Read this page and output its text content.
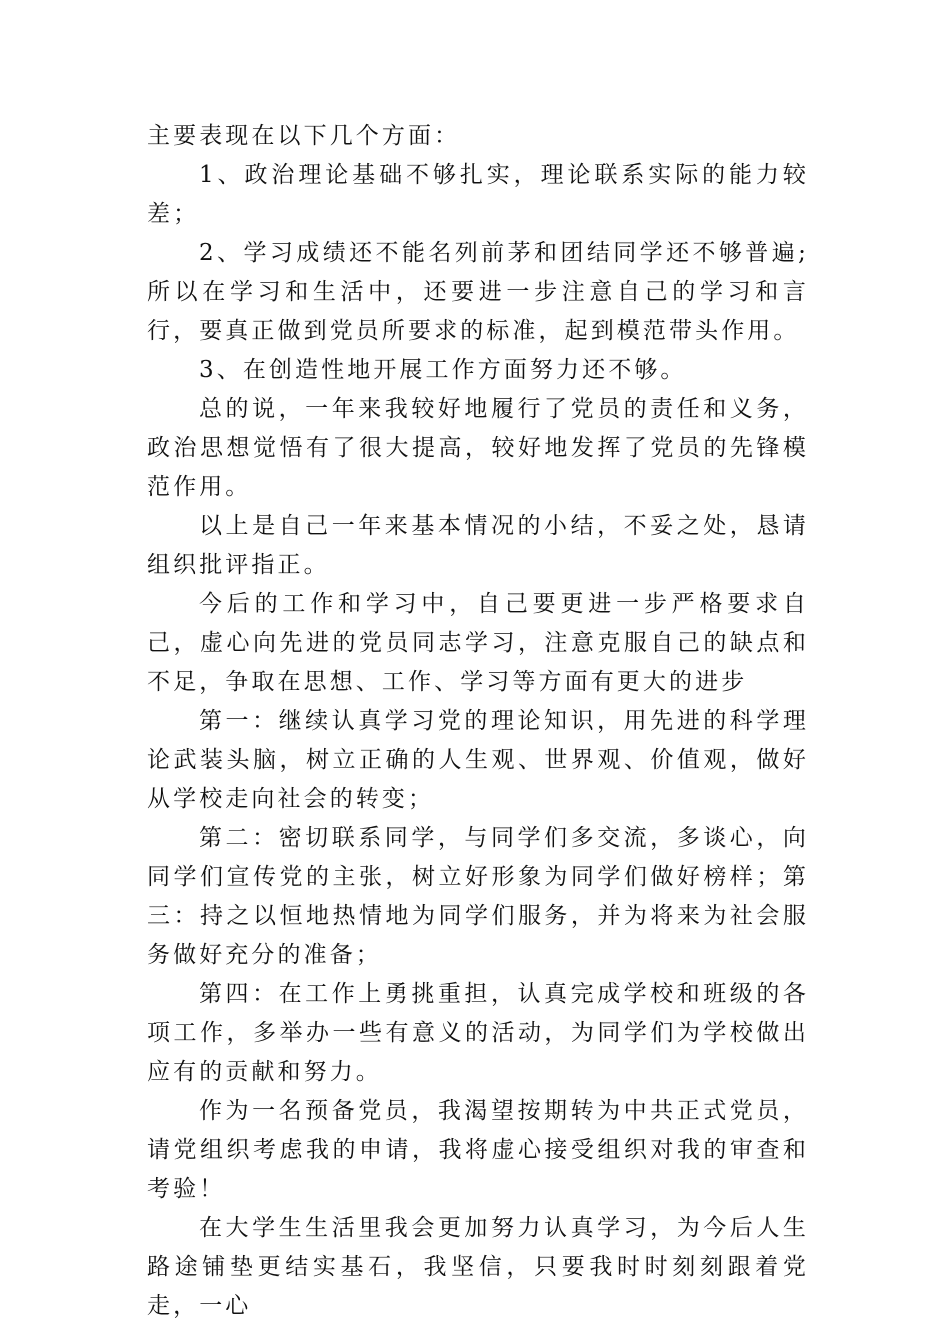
主要表现在以下几个方面：

1、政治理论基础不够扎实，理论联系实际的能力较差；

2、学习成绩还不能名列前茅和团结同学还不够普遍;所以在学习和生活中，还要进一步注意自己的学习和言行，要真正做到党员所要求的标准，起到模范带头作用。

3、在创造性地开展工作方面努力还不够。

总的说，一年来我较好地履行了党员的责任和义务，政治思想觉悟有了很大提高，较好地发挥了党员的先锋模范作用。

以上是自己一年来基本情况的小结，不妥之处，恳请组织批评指正。

今后的工作和学习中，自己要更进一步严格要求自己，虚心向先进的党员同志学习，注意克服自己的缺点和不足，争取在思想、工作、学习等方面有更大的进步

第一：继续认真学习党的理论知识，用先进的科学理论武装头脑，树立正确的人生观、世界观、价值观，做好从学校走向社会的转变；

第二：密切联系同学，与同学们多交流，多谈心，向同学们宣传党的主张，树立好形象为同学们做好榜样；第三：持之以恒地热情地为同学们服务，并为将来为社会服务做好充分的准备；

第四：在工作上勇挑重担，认真完成学校和班级的各项工作，多举办一些有意义的活动，为同学们为学校做出应有的贡献和努力。

作为一名预备党员，我渴望按期转为中共正式党员，请党组织考虑我的申请，我将虚心接受组织对我的审查和考验！

在大学生生活里我会更加努力认真学习，为今后人生路途铺垫更结实基石，我坚信，只要我时时刻刻跟着党走，一心
